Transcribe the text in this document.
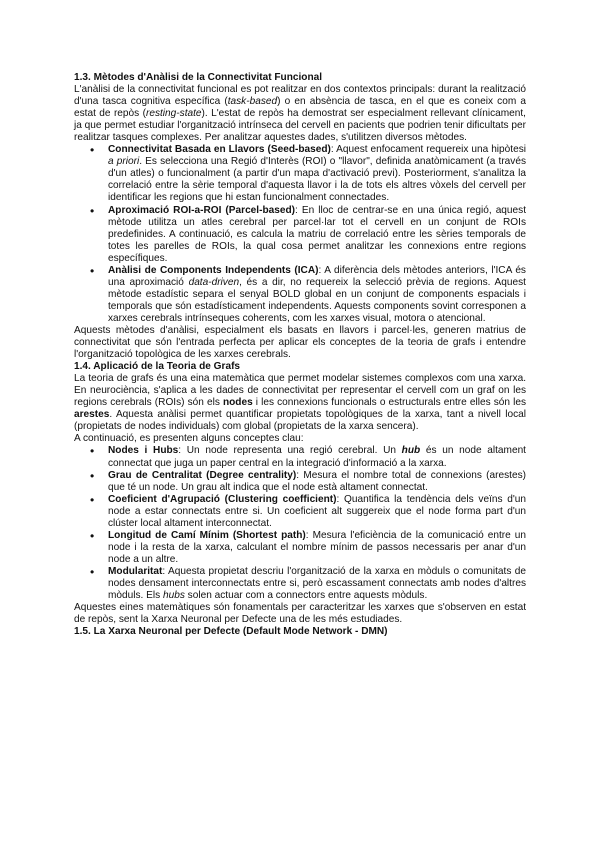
1.3. Mètodes d'Anàlisi de la Connectivitat Funcional

L'anàlisi de la connectivitat funcional es pot realitzar en dos contextos principals: durant la realització d'una tasca cognitiva específica (task-based) o en absència de tasca, en el que es coneix com a estat de repòs (resting-state). L'estat de repòs ha demostrat ser especialment rellevant clínicament, ja que permet estudiar l'organització intrínseca del cervell en pacients que podrien tenir dificultats per realitzar tasques complexes. Per analitzar aquestes dades, s'utilitzen diversos mètodes.

• Connectivitat Basada en Llavors (Seed-based): Aquest enfocament requereix una hipòtesi a priori. Es selecciona una Regió d'Interès (ROI) o "llavor", definida anatòmicament (a través d'un atles) o funcionalment (a partir d'un mapa d'activació previ). Posteriorment, s'analitza la correlació entre la sèrie temporal d'aquesta llavor i la de tots els altres vòxels del cervell per identificar les regions que hi estan funcionalment connectades.
• Aproximació ROI-a-ROI (Parcel-based): En lloc de centrar-se en una única regió, aquest mètode utilitza un atles cerebral per parcel·lar tot el cervell en un conjunt de ROIs predefinides. A continuació, es calcula la matriu de correlació entre les sèries temporals de totes les parelles de ROIs, la qual cosa permet analitzar les connexions entre regions específiques.
• Anàlisi de Components Independents (ICA): A diferència dels mètodes anteriors, l'ICA és una aproximació data-driven, és a dir, no requereix la selecció prèvia de regions. Aquest mètode estadístic separa el senyal BOLD global en un conjunt de components espacials i temporals que són estadísticament independents. Aquests components sovint corresponen a xarxes cerebrals intrínseques coherents, com les xarxes visual, motora o atencional.

Aquests mètodes d'anàlisi, especialment els basats en llavors i parcel·les, generen matrius de connectivitat que són l'entrada perfecta per aplicar els conceptes de la teoria de grafs i entendre l'organització topològica de les xarxes cerebrals.

1.4. Aplicació de la Teoria de Grafs

La teoria de grafs és una eina matemàtica que permet modelar sistemes complexos com una xarxa. En neurociència, s'aplica a les dades de connectivitat per representar el cervell com un graf on les regions cerebrals (ROIs) són els nodes i les connexions funcionals o estructurals entre elles són les arestes. Aquesta anàlisi permet quantificar propietats topològiques de la xarxa, tant a nivell local (propietats de nodes individuals) com global (propietats de la xarxa sencera).

A continuació, es presenten alguns conceptes clau:

• Nodes i Hubs: Un node representa una regió cerebral. Un hub és un node altament connectat que juga un paper central en la integració d'informació a la xarxa.
• Grau de Centralitat (Degree centrality): Mesura el nombre total de connexions (arestes) que té un node. Un grau alt indica que el node està altament connectat.
• Coeficient d'Agrupació (Clustering coefficient): Quantifica la tendència dels veïns d'un node a estar connectats entre si. Un coeficient alt suggereix que el node forma part d'un clúster local altament interconnectat.
• Longitud de Camí Mínim (Shortest path): Mesura l'eficiència de la comunicació entre un node i la resta de la xarxa, calculant el nombre mínim de passos necessaris per anar d'un node a un altre.
• Modularitat: Aquesta propietat descriu l'organització de la xarxa en mòduls o comunitats de nodes densament interconnectats entre si, però escassament connectats amb nodes d'altres mòduls. Els hubs solen actuar com a connectors entre aquests mòduls.

Aquestes eines matemàtiques són fonamentals per caracteritzar les xarxes que s'observen en estat de repòs, sent la Xarxa Neuronal per Defecte una de les més estudiades.

1.5. La Xarxa Neuronal per Defecte (Default Mode Network - DMN)
